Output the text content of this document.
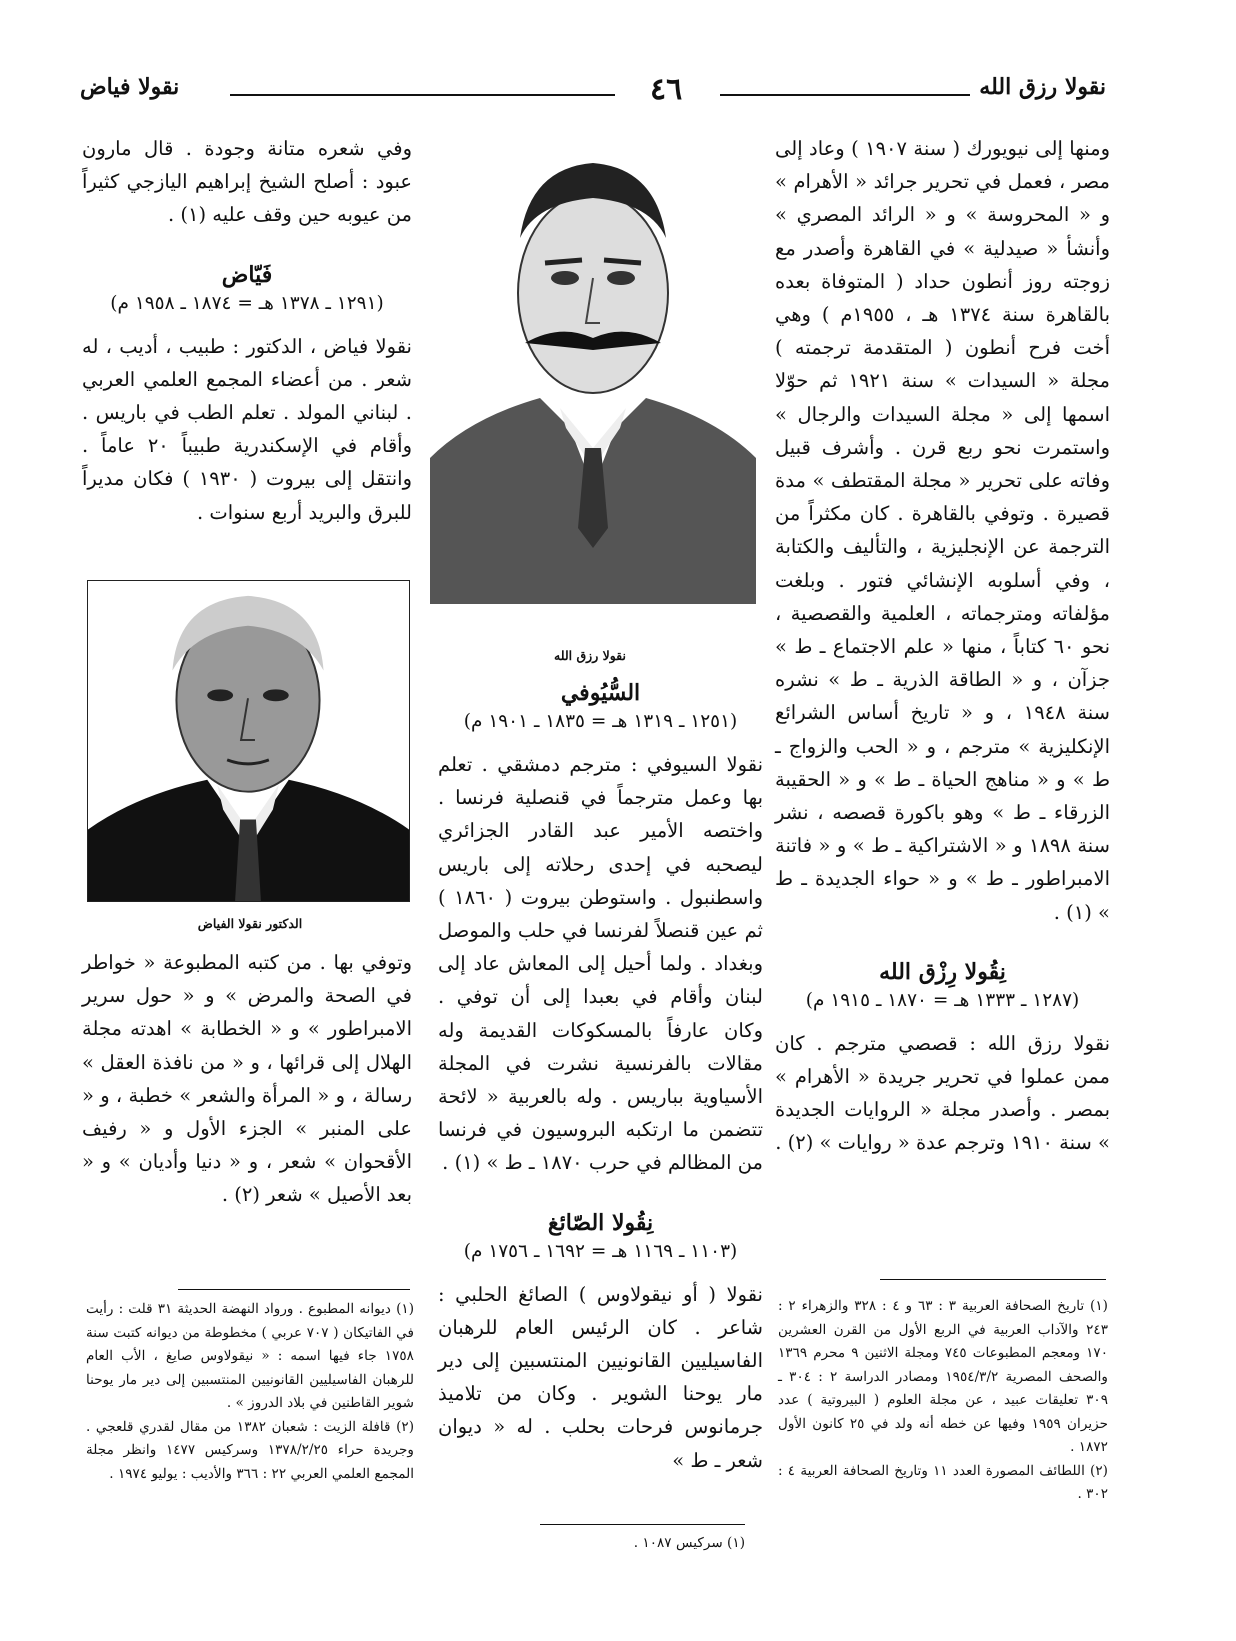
نقولا فياض	٤٦	نقولا رزق الله

ومنها إلى نيويورك ( سنة ١٩٠٧ ) وعاد إلى مصر ، فعمل في تحرير جرائد « الأهرام » و « المحروسة » و « الرائد المصري » وأنشأ « صيدلية » في القاهرة وأصدر مع زوجته روز أنطون حداد ( المتوفاة بعده بالقاهرة سنة ١٣٧٤ هـ ، ١٩٥٥م ) وهي أخت فرح أنطون ( المتقدمة ترجمته ) مجلة « السيدات » سنة ١٩٢١ ثم حوّلا اسمها إلى « مجلة السيدات والرجال » واستمرت نحو ربع قرن . وأشرف قبيل وفاته على تحرير « مجلة المقتطف » مدة قصيرة . وتوفي بالقاهرة . كان مكثراً من الترجمة عن الإنجليزية ، والتأليف والكتابة ، وفي أسلوبه الإنشائي فتور . وبلغت مؤلفاته ومترجماته ، العلمية والقصصية ، نحو ٦٠ كتاباً ، منها « علم الاجتماع ـ ط » جزآن ، و « الطاقة الذرية ـ ط » نشره سنة ١٩٤٨ ، و « تاريخ أساس الشرائع الإنكليزية » مترجم ، و « الحب والزواج ـ ط » و « مناهج الحياة ـ ط » و « الحقيبة الزرقاء ـ ط » وهو باكورة قصصه ، نشر سنة ١٨٩٨ و « الاشتراكية ـ ط » و « فاتنة الامبراطور ـ ط » و « حواء الجديدة ـ ط » (١) .

نِقُولا رِزْق الله
(١٢٨٧ ـ ١٣٣٣ هـ = ١٨٧٠ ـ ١٩١٥ م)

نقولا رزق الله : قصصي مترجم . كان ممن عملوا في تحرير جريدة « الأهرام » بمصر . وأصدر مجلة « الروايات الجديدة » سنة ١٩١٠ وترجم عدة « روايات » (٢) .

نقولا رزق الله
السُّيُوفي
(١٢٥١ ـ ١٣١٩ هـ = ١٨٣٥ ـ ١٩٠١ م)

نقولا السيوفي : مترجم دمشقي . تعلم بها وعمل مترجماً في قنصلية فرنسا . واختصه الأمير عبد القادر الجزائري ليصحبه في إحدى رحلاته إلى باريس واسطنبول . واستوطن بيروت ( ١٨٦٠ ) ثم عين قنصلاً لفرنسا في حلب والموصل وبغداد . ولما أحيل إلى المعاش عاد إلى لبنان وأقام في بعبدا إلى أن توفي . وكان عارفاً بالمسكوكات القديمة وله مقالات بالفرنسية نشرت في المجلة الأسياوية بباريس . وله بالعربية « لائحة تتضمن ما ارتكبه البروسيون في فرنسا من المظالم في حرب ١٨٧٠ ـ ط » (١) .

نِقُولا الصّائغ
(١١٠٣ ـ ١١٦٩ هـ = ١٦٩٢ ـ ١٧٥٦ م)

نقولا ( أو نيقولاوس ) الصائغ الحلبي : شاعر . كان الرئيس العام للرهبان الفاسيليين القانونيين المنتسبين إلى دير مار يوحنا الشوير . وكان من تلاميذ جرمانوس فرحات بحلب . له « ديوان شعر ـ ط »

وفي شعره متانة وجودة . قال مارون عبود : أصلح الشيخ إبراهيم اليازجي كثيراً من عيوبه حين وقف عليه (١) .

فَيّاض
(١٢٩١ ـ ١٣٧٨ هـ = ١٨٧٤ ـ ١٩٥٨ م)

نقولا فياض ، الدكتور : طبيب ، أديب ، له شعر . من أعضاء المجمع العلمي العربي . لبناني المولد . تعلم الطب في باريس . وأقام في الإسكندرية طبيباً ٢٠ عاماً . وانتقل إلى بيروت ( ١٩٣٠ ) فكان مديراً للبرق والبريد أربع سنوات .

الدكتور نقولا الفياض

وتوفي بها . من كتبه المطبوعة « خواطر في الصحة والمرض » و « حول سرير الامبراطور » و « الخطابة » اهدته مجلة الهلال إلى قرائها ، و « من نافذة العقل » رسالة ، و « المرأة والشعر » خطبة ، و « على المنبر » الجزء الأول و « رفيف الأقحوان » شعر ، و « دنيا وأديان » و « بعد الأصيل » شعر (٢) .

(١) تاريخ الصحافة العربية ٣ : ٦٣ و ٤ : ٣٢٨ والزهراء ٢ : ٢٤٣ والآداب العربية في الربع الأول من القرن العشرين ١٧٠ ومعجم المطبوعات ٧٤٥ ومجلة الاثنين ٩ محرم ١٣٦٩ والصحف المصرية ١٩٥٤/٣/٢ ومصادر الدراسة ٢ : ٣٠٤ ـ ٣٠٩ تعليقات عبيد ، عن مجلة العلوم ( البيروتية ) عدد حزيران ١٩٥٩ وفيها عن خطه أنه ولد في ٢٥ كانون الأول ١٨٧٢ .

(٢) اللطائف المصورة العدد ١١ وتاريخ الصحافة العربية ٤ : ٣٠٢ .

(١) سركيس ١٠٨٧ .

(١) ديوانه المطبوع . ورواد النهضة الحديثة ٣١ قلت : رأيت في الفاتيكان ( ٧٠٧ عربي ) مخطوطة من ديوانه كتبت سنة ١٧٥٨ جاء فيها اسمه : « نيقولاوس صايغ ، الأب العام للرهبان الفاسيليين القانونيين المنتسبين إلى دير مار يوحنا شوير القاطنين في بلاد الدروز » .

(٢) قافلة الزيت : شعبان ١٣٨٢ من مقال لقدري قلعجي . وجريدة حراء ١٣٧٨/٢/٢٥ وسركيس ١٤٧٧ وانظر مجلة المجمع العلمي العربي ٢٢ : ٣٦٦ والأديب : يوليو ١٩٧٤ .
